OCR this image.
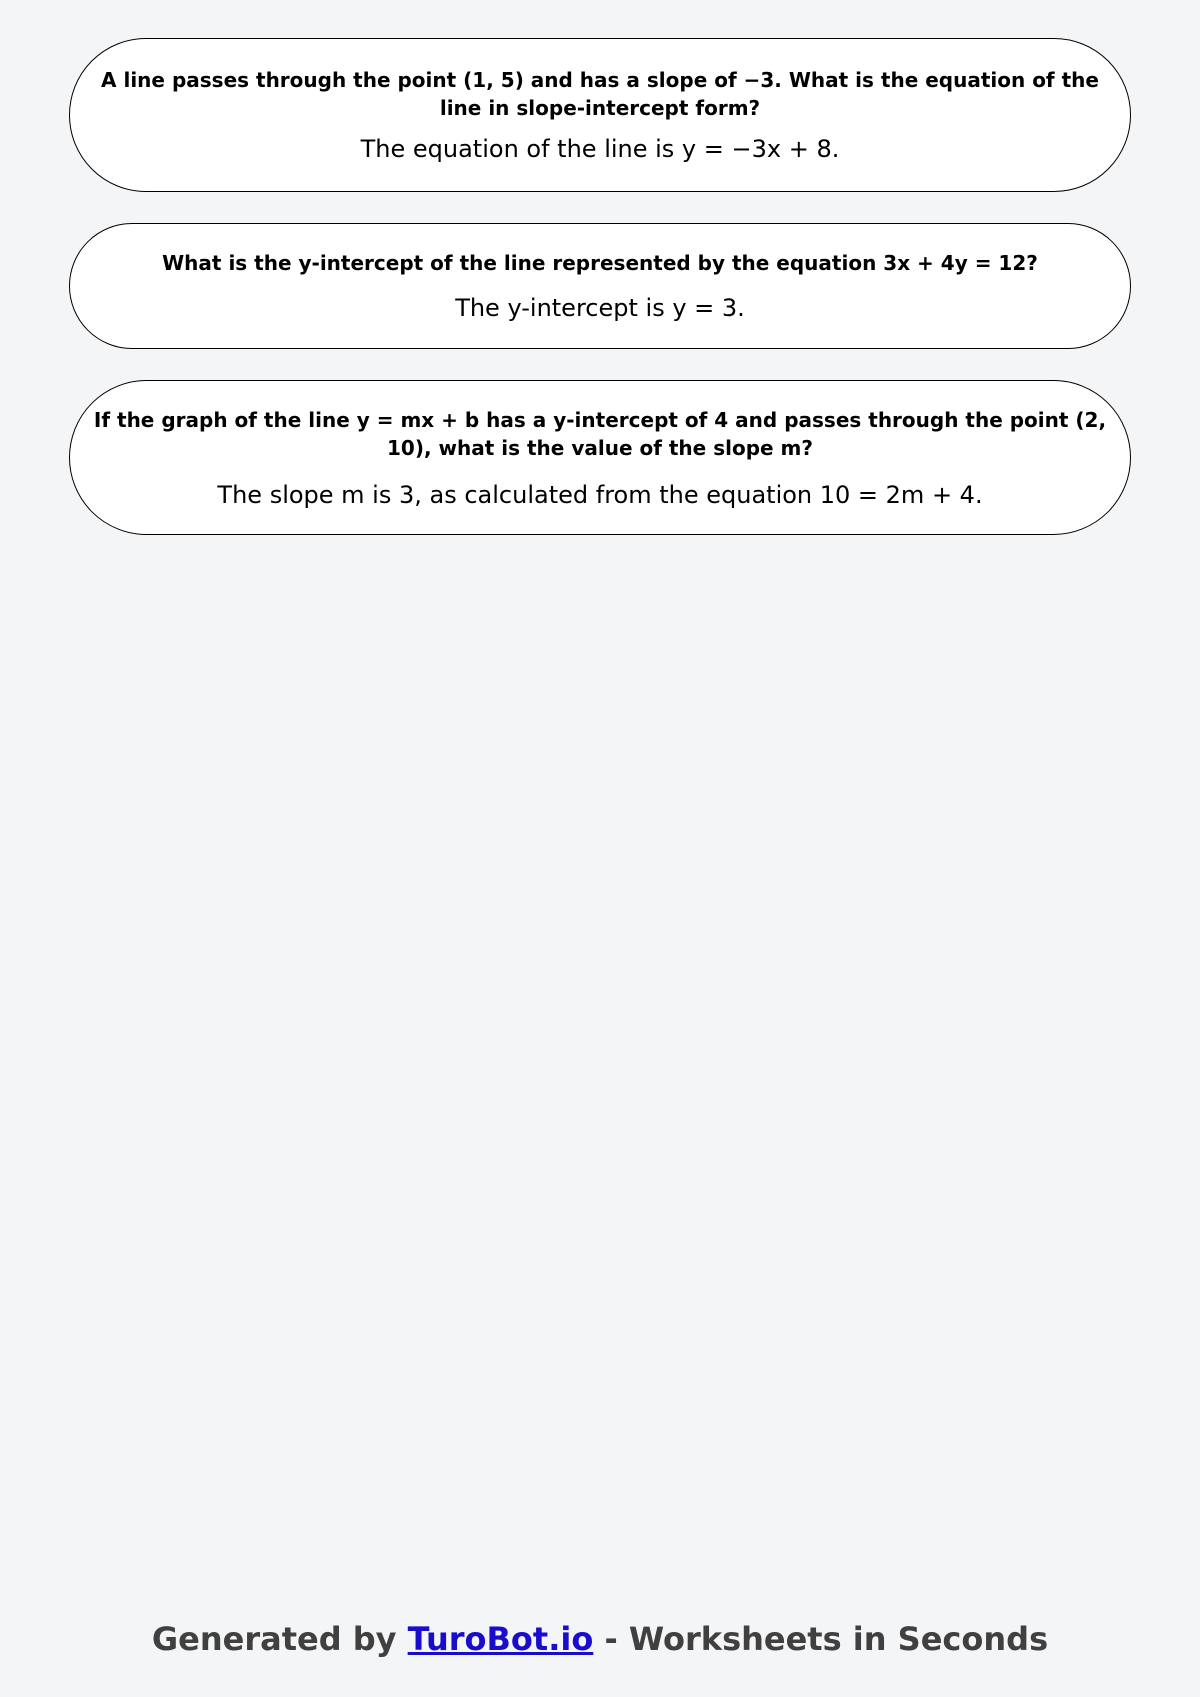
A line passes through the point (1, 5) and has a slope of −3. What is the equation of the line in slope-intercept form?
The equation of the line is y = −3x + 8.
What is the y-intercept of the line represented by the equation 3x + 4y = 12?
The y-intercept is y = 3.
If the graph of the line y = mx + b has a y-intercept of 4 and passes through the point (2, 10), what is the value of the slope m?
The slope m is 3, as calculated from the equation 10 = 2m + 4.
Generated by TuroBot.io - Worksheets in Seconds
